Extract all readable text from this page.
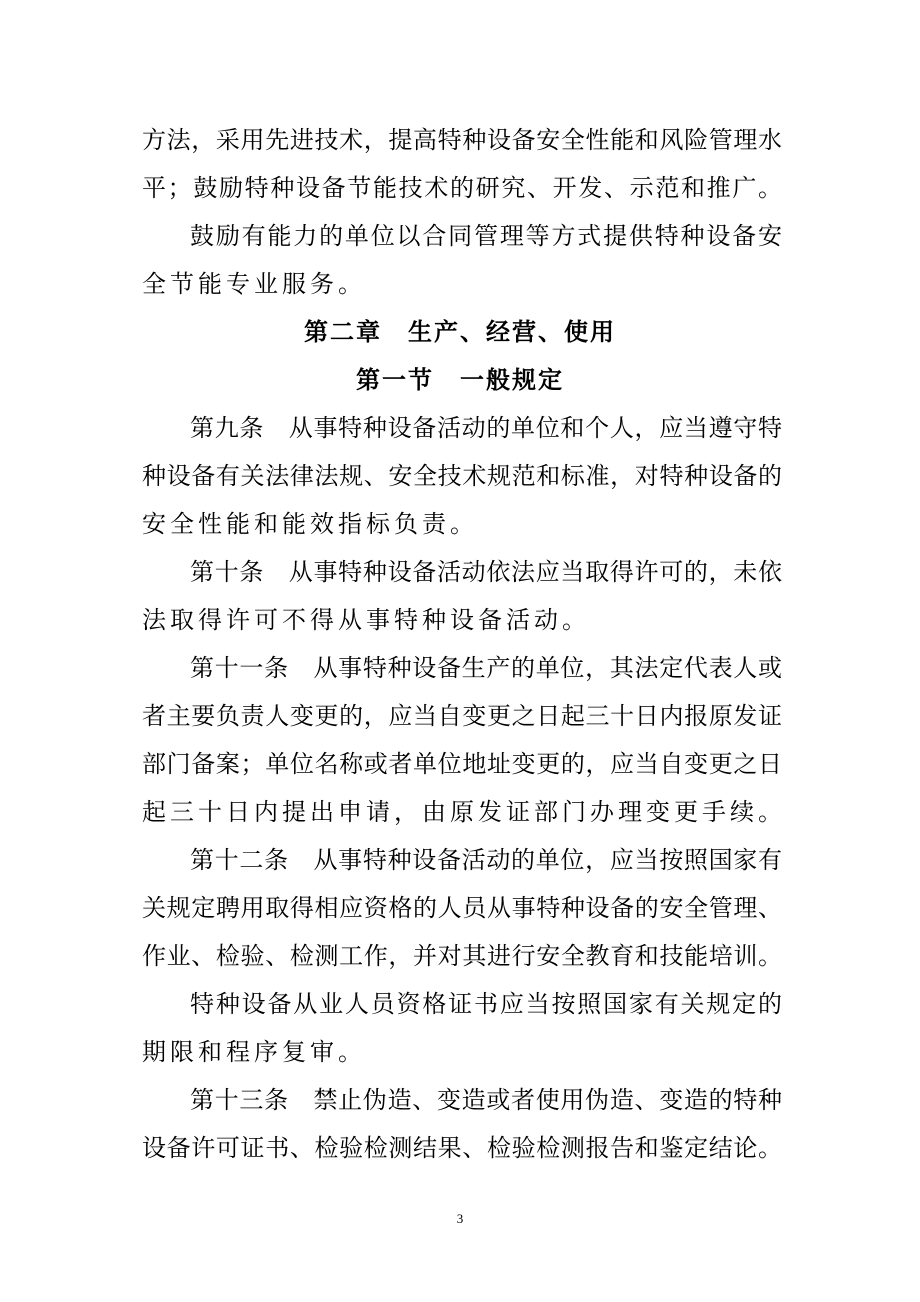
方法，采用先进技术，提高特种设备安全性能和风险管理水
平；鼓励特种设备节能技术的研究、开发、示范和推广。
鼓励有能力的单位以合同管理等方式提供特种设备安
全节能专业服务。
第二章　生产、经营、使用
第一节　一般规定
第九条　从事特种设备活动的单位和个人，应当遵守特
种设备有关法律法规、安全技术规范和标准，对特种设备的
安全性能和能效指标负责。
第十条　从事特种设备活动依法应当取得许可的，未依
法取得许可不得从事特种设备活动。
第十一条　从事特种设备生产的单位，其法定代表人或
者主要负责人变更的，应当自变更之日起三十日内报原发证
部门备案；单位名称或者单位地址变更的，应当自变更之日
起三十日内提出申请，由原发证部门办理变更手续。
第十二条　从事特种设备活动的单位，应当按照国家有
关规定聘用取得相应资格的人员从事特种设备的安全管理、
作业、检验、检测工作，并对其进行安全教育和技能培训。
特种设备从业人员资格证书应当按照国家有关规定的
期限和程序复审。
第十三条　禁止伪造、变造或者使用伪造、变造的特种
设备许可证书、检验检测结果、检验检测报告和鉴定结论。
3
